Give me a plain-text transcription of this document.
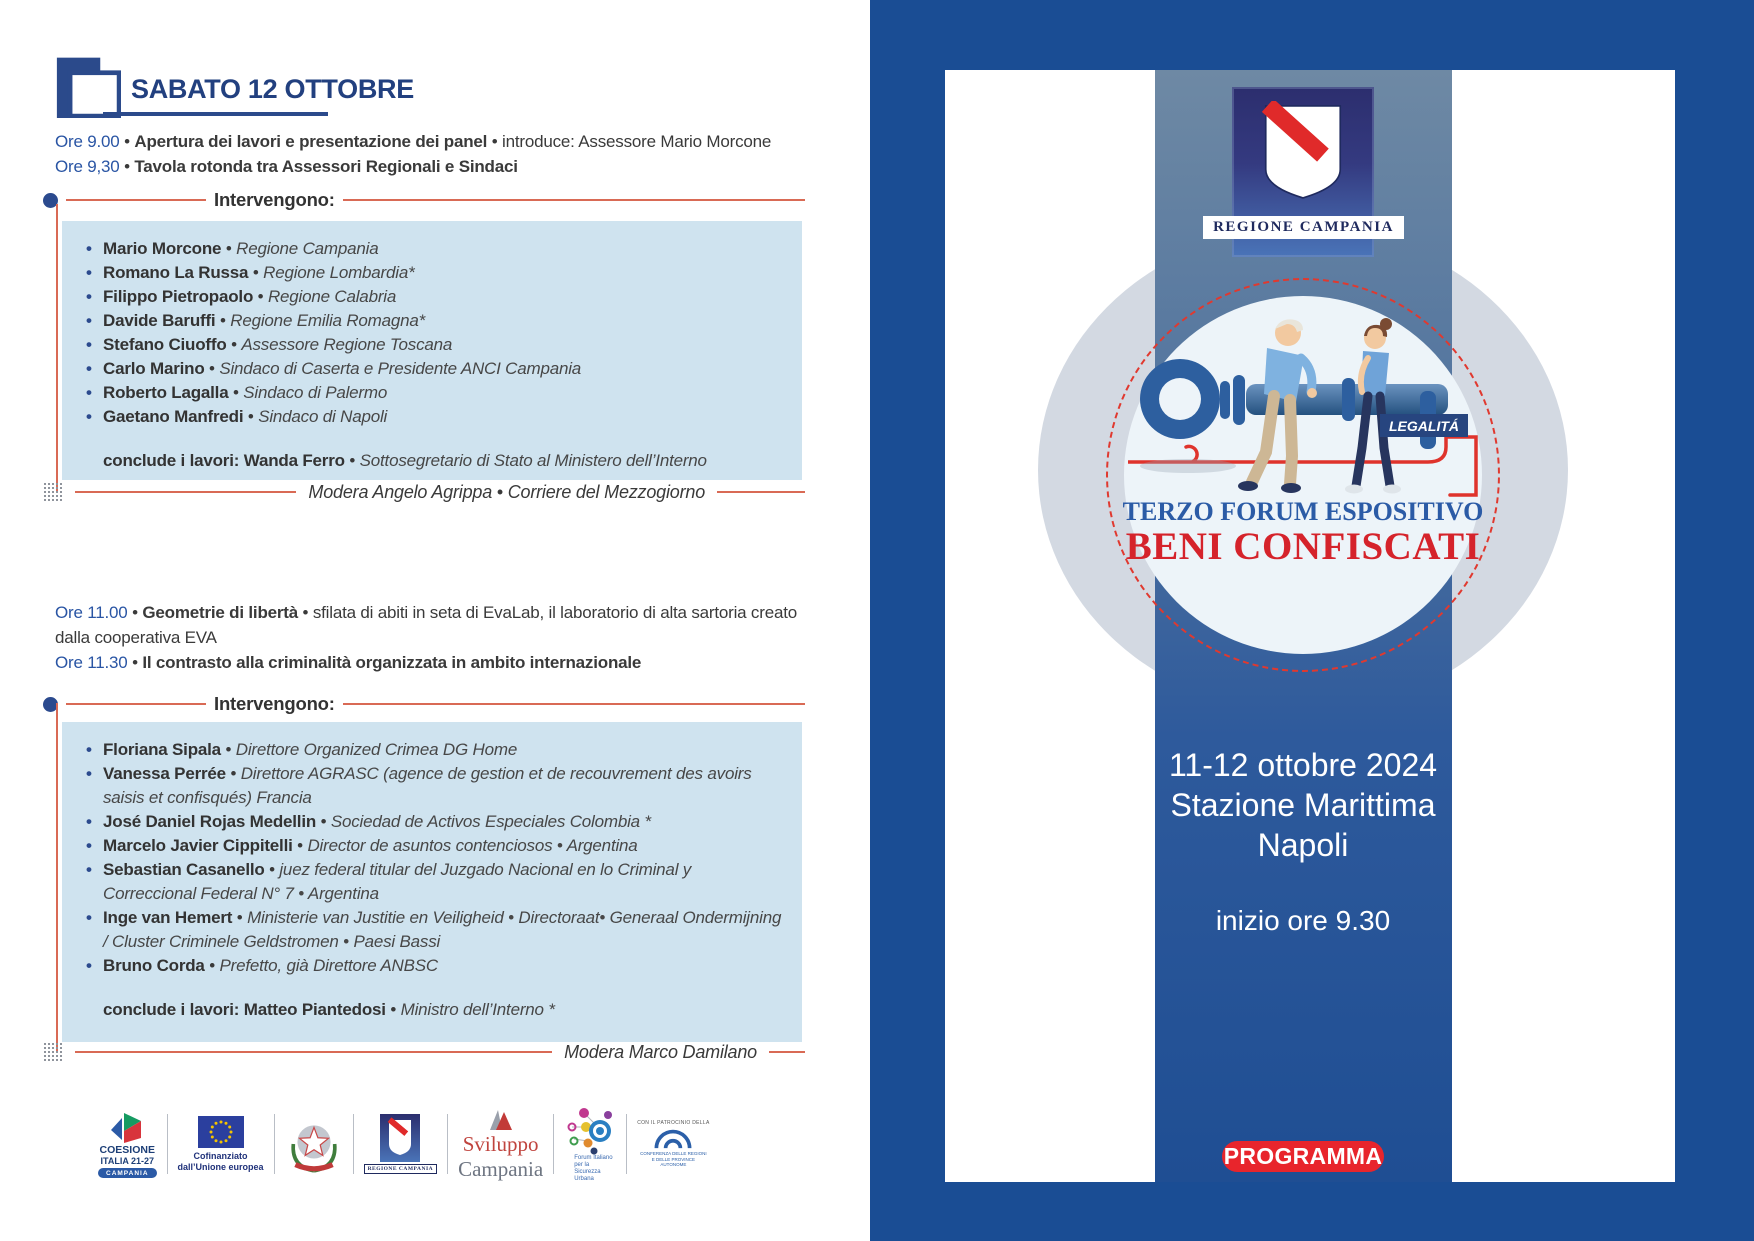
SABATO 12 OTTOBRE
Ore 9.00 • Apertura dei lavori e presentazione dei panel • introduce: Assessore Mario Morcone
Ore 9,30 • Tavola rotonda tra Assessori Regionali e Sindaci
Intervengono:
• Mario Morcone • Regione Campania
• Romano La Russa • Regione Lombardia*
• Filippo Pietropaolo • Regione Calabria
• Davide Baruffi • Regione Emilia Romagna*
• Stefano Ciuoffo • Assessore Regione Toscana
• Carlo Marino • Sindaco di Caserta e Presidente ANCI Campania
• Roberto Lagalla • Sindaco di Palermo
• Gaetano Manfredi • Sindaco di Napoli
conclude i lavori: Wanda Ferro • Sottosegretario di Stato al Ministero dell’Interno
Modera Angelo Agrippa • Corriere del Mezzogiorno
Ore 11.00 • Geometrie di libertà • sfilata di abiti in seta di EvaLab, il laboratorio di alta sartoria creato dalla cooperativa EVA
Ore 11.30 • Il contrasto alla criminalità organizzata in ambito internazionale
Intervengono:
• Floriana Sipala • Direttore Organized Crimea DG Home
• Vanessa Perrée • Direttore AGRASC (agence de gestion et de recouvrement des avoirs saisis et confisqués) Francia
• José Daniel Rojas Medellin • Sociedad de Activos Especiales Colombia *
• Marcelo Javier Cippitelli • Director de asuntos contenciosos • Argentina
• Sebastian Casanello • juez federal titular del Juzgado Nacional en lo Criminal y Correccional Federal N° 7 • Argentina
• Inge van Hemert • Ministerie van Justitie en Veiligheid • Directoraat• Generaal Ondermijning / Cluster Criminele Geldstromen • Paesi Bassi
• Bruno Corda • Prefetto, già Direttore ANBSC
conclude i lavori: Matteo Piantedosi • Ministro dell’Interno *
Modera Marco Damilano
COESIONE
ITALIA 21-27
CAMPANIA
Cofinanziato
dall’Unione europea	REGIONE CAMPANIA
Sviluppo
Campania	Forum Italiano per la Sicurezza Urbana
CON IL PATROCINIO DELLA
CONFERENZA DELLE REGIONI E DELLE PROVINCE AUTONOME
REGIONE CAMPANIA
LEGALITÁ
TERZO FORUM ESPOSITIVO
BENI CONFISCATI
11-12 ottobre 2024
Stazione Marittima
Napoli
inizio ore 9.30
PROGRAMMA
